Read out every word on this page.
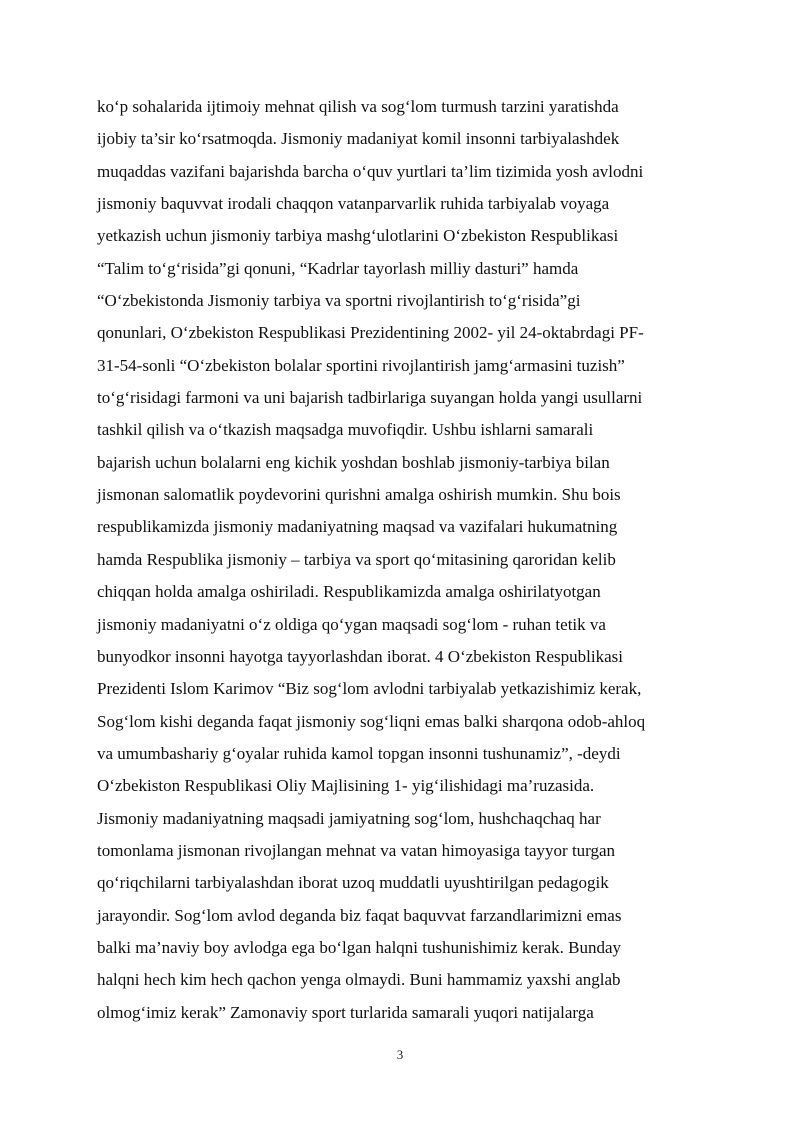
ko‘p sohalarida ijtimoiy mehnat qilish va sog‘lom turmush tarzini yaratishda
ijobiy ta’sir ko‘rsatmoqda. Jismoniy madaniyat komil insonni tarbiyalashdek
muqaddas vazifani bajarishda barcha o‘quv yurtlari ta’lim tizimida yosh avlodni
jismoniy baquvvat irodali chaqqon vatanparvarlik ruhida tarbiyalab voyaga
yetkazish uchun jismoniy tarbiya mashg‘ulotlarini O‘zbekiston Respublikasi
“Talim to‘g‘risida”gi qonuni, “Kadrlar tayorlash milliy dasturi” hamda
“O‘zbekistonda Jismoniy tarbiya va sportni rivojlantirish to‘g‘risida”gi
qonunlari, O‘zbekiston Respublikasi Prezidentining 2002- yil 24-oktabrdagi PF-
31-54-sonli “O‘zbekiston bolalar sportini rivojlantirish jamg‘armasini tuzish”
to‘g‘risidagi farmoni va uni bajarish tadbirlariga suyangan holda yangi usullarni
tashkil qilish va o‘tkazish maqsadga muvofiqdir. Ushbu ishlarni samarali
bajarish uchun bolalarni eng kichik yoshdan boshlab jismoniy-tarbiya bilan
jismonan salomatlik poydevorini qurishni amalga oshirish mumkin. Shu bois
respublikamizda jismoniy madaniyatning maqsad va vazifalari hukumatning
hamda Respublika jismoniy – tarbiya va sport qo‘mitasining qaroridan kelib
chiqqan holda amalga oshiriladi. Respublikamizda amalga oshirilatyotgan
jismoniy madaniyatni o‘z oldiga qo‘ygan maqsadi sog‘lom - ruhan tetik va
bunyodkor insonni hayotga tayyorlashdan iborat. 4 O‘zbekiston Respublikasi
Prezidenti Islom Karimov “Biz sog‘lom avlodni tarbiyalab yetkazishimiz kerak,
Sog‘lom kishi deganda faqat jismoniy sog‘liqni emas balki sharqona odob-ahloq
va umumbashariy g‘oyalar ruhida kamol topgan insonni tushunamiz”, -deydi
O‘zbekiston Respublikasi Oliy Majlisining 1- yig‘ilishidagi ma’ruzasida.
Jismoniy madaniyatning maqsadi jamiyatning sog‘lom, hushchaqchaq har
tomonlama jismonan rivojlangan mehnat va vatan himoyasiga tayyor turgan
qo‘riqchilarni tarbiyalashdan iborat uzoq muddatli uyushtirilgan pedagogik
jarayondir. Sog‘lom avlod deganda biz faqat baquvvat farzandlarimizni emas
balki ma’naviy boy avlodga ega bo‘lgan halqni tushunishimiz kerak. Bunday
halqni hech kim hech qachon yenga olmaydi. Buni hammamiz yaxshi anglab
olmog‘imiz kerak” Zamonaviy sport turlarida samarali yuqori natijalarga
3
